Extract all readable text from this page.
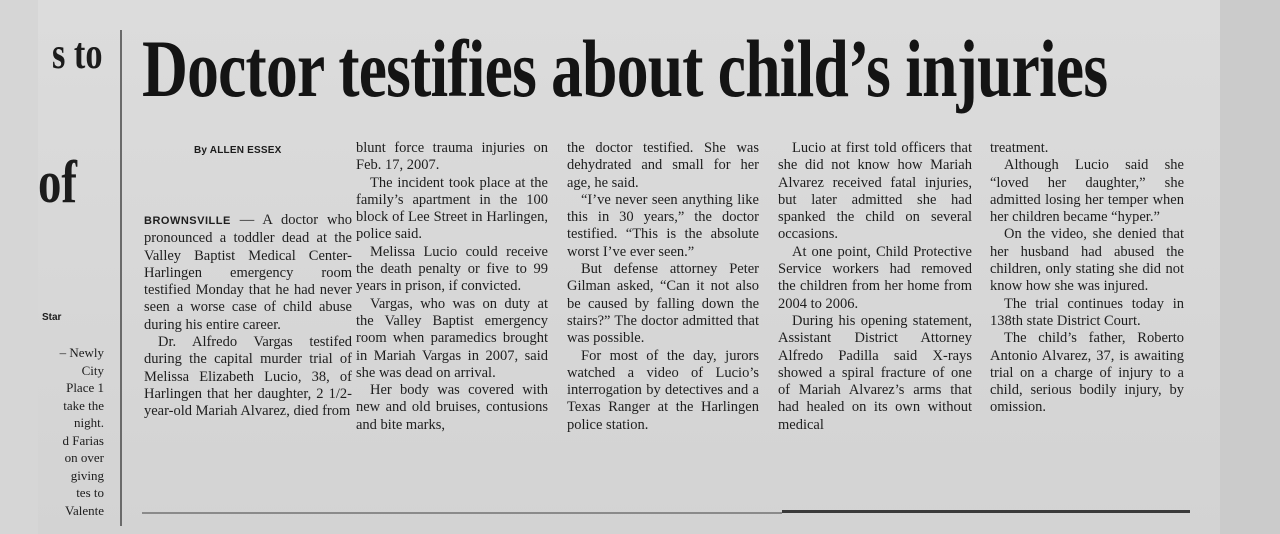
s to
of
Star
– Newly
City
Place 1
take the
night.
d Farias
on over
giving
tes to
Valente
Doctor testifies about child’s injuries
By ALLEN ESSEX

BROWNSVILLE — A doctor who pronounced a toddler dead at the Valley Baptist Medical Center-Harlingen emergency room testified Monday that he had never seen a worse case of child abuse during his entire career.

Dr. Alfredo Vargas testifed during the capital murder trial of Melissa Elizabeth Lucio, 38, of Harlingen that her daughter, 2 1/2-year-old Mariah Alvarez, died from

blunt force trauma injuries on Feb. 17, 2007.

The incident took place at the family’s apartment in the 100 block of Lee Street in Harlingen, police said.

Melissa Lucio could receive the death penalty or five to 99 years in prison, if convicted.

Vargas, who was on duty at the Valley Baptist emergency room when paramedics brought in Mariah Vargas in 2007, said she was dead on arrival.

Her body was covered with new and old bruises, contusions and bite marks,

the doctor testified. She was dehydrated and small for her age, he said.

“I’ve never seen anything like this in 30 years,” the doctor testified. “This is the absolute worst I’ve ever seen.”

But defense attorney Peter Gilman asked, “Can it not also be caused by falling down the stairs?” The doctor admitted that was possible.

For most of the day, jurors watched a video of Lucio’s interrogation by detectives and a Texas Ranger at the Harlingen police station.

Lucio at first told officers that she did not know how Mariah Alvarez received fatal injuries, but later admitted she had spanked the child on several occasions.

At one point, Child Protective Service workers had removed the children from her home from 2004 to 2006.

During his opening statement, Assistant District Attorney Alfredo Padilla said X-rays showed a spiral fracture of one of Mariah Alvarez’s arms that had healed on its own without medical

treatment.

Although Lucio said she “loved her daughter,” she admitted losing her temper when her children became “hyper.”

On the video, she denied that her husband had abused the children, only stating she did not know how she was injured.

The trial continues today in 138th state District Court.

The child’s father, Roberto Antonio Alvarez, 37, is awaiting trial on a charge of injury to a child, serious bodily injury, by omission.
